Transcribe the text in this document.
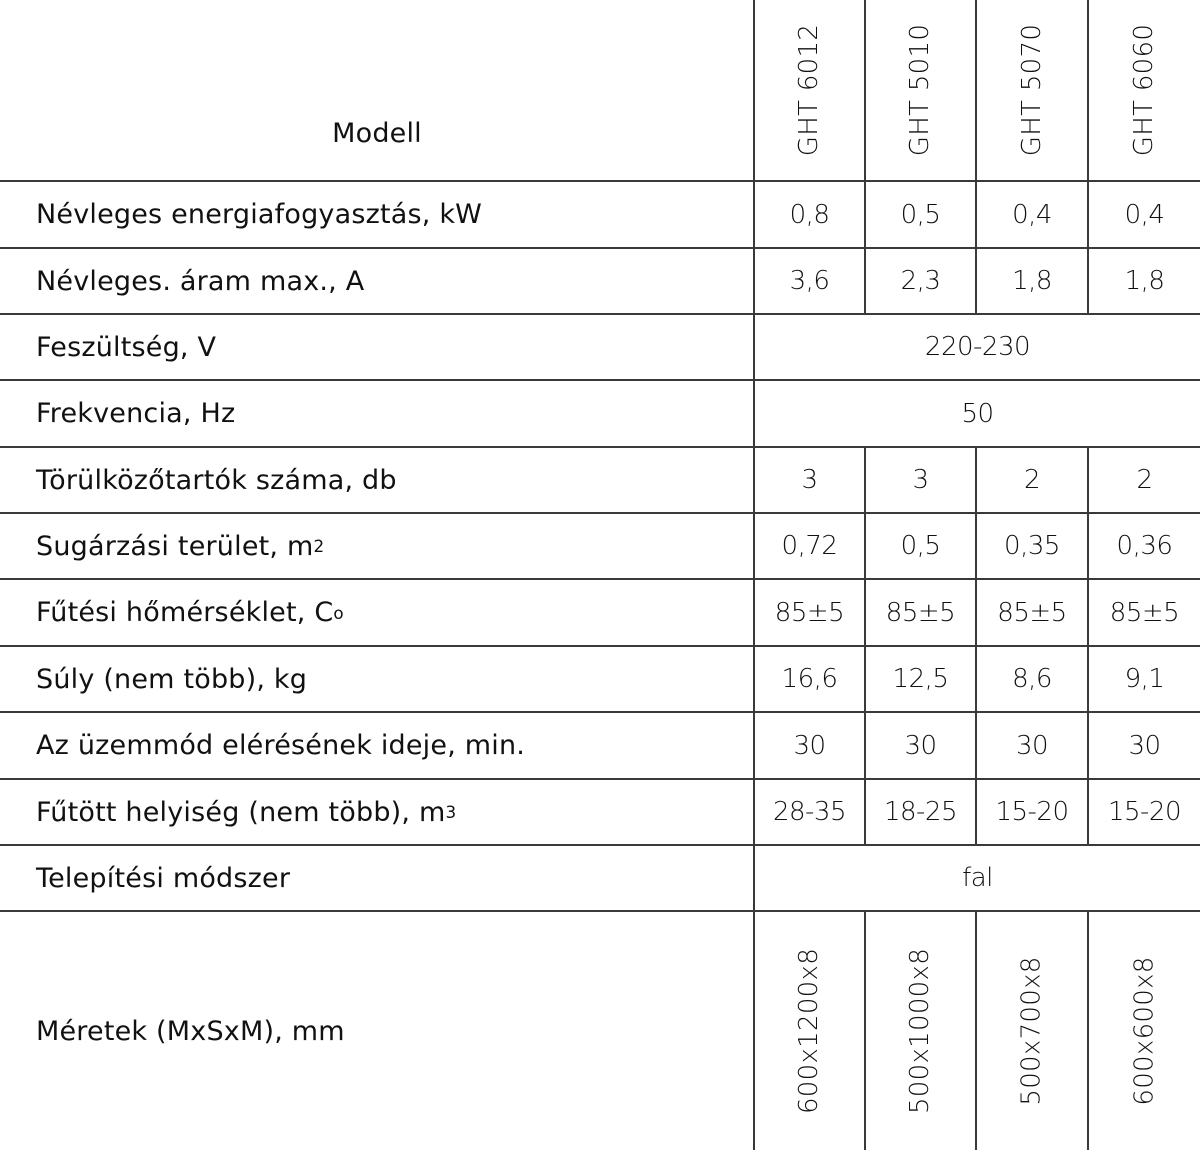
Modell	GHT 6012	GHT 5010	GHT 5070	GHT 6060
Névleges energiafogyasztás, kW	0,8	0,5	0,4	0,4
Névleges. áram max., A	3,6	2,3	1,8	1,8
Feszültség, V	220-230
Frekvencia, Hz	50
Törülközőtartók száma, db	3	3	2	2
Sugárzási terület, m 2	0,72	0,5	0,35	0,36
Fűtési hőmérséklet, C o	85±5	85±5	85±5	85±5
Súly (nem több), kg	16,6	12,5	8,6	9,1
Az üzemmód elérésének ideje, min.	30	30	30	30
Fűtött helyiség (nem több), m 3	28-35	18-25	15-20	15-20
Telepítési módszer	fal
Méretek (MxSxM), mm	600x1200x8	500x1000x8	500x700x8	600x600x8
